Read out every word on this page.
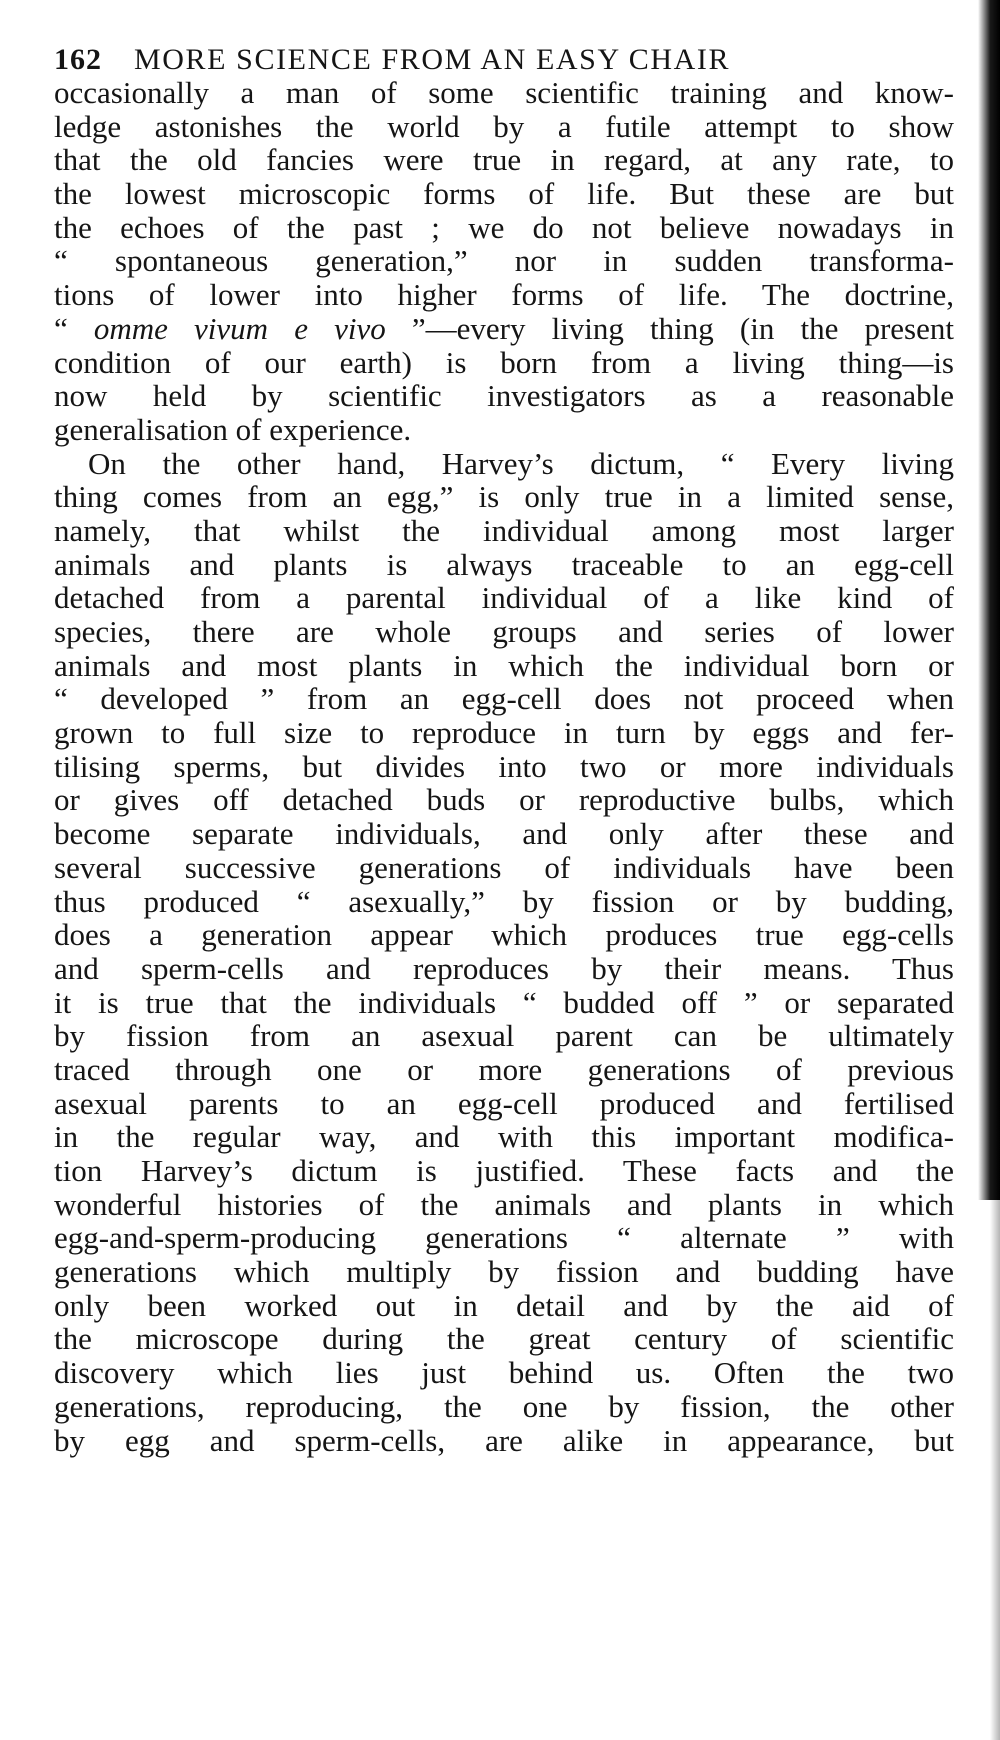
162 MORE SCIENCE FROM AN EASY CHAIR
occasionally a man of some scientific training and know-
ledge astonishes the world by a futile attempt to show
that the old fancies were true in regard, at any rate, to
the lowest microscopic forms of life. But these are but
the echoes of the past ; we do not believe nowadays in
“ spontaneous generation,” nor in sudden transforma-
tions of lower into higher forms of life. The doctrine,
“ omme vivum e vivo ”—every living thing (in the present
condition of our earth) is born from a living thing—is
now held by scientific investigators as a reasonable
generalisation of experience.
On the other hand, Harvey’s dictum, “ Every living
thing comes from an egg,” is only true in a limited sense,
namely, that whilst the individual among most larger
animals and plants is always traceable to an egg-cell
detached from a parental individual of a like kind of
species, there are whole groups and series of lower
animals and most plants in which the individual born or
“ developed ” from an egg-cell does not proceed when
grown to full size to reproduce in turn by eggs and fer-
tilising sperms, but divides into two or more individuals
or gives off detached buds or reproductive bulbs, which
become separate individuals, and only after these and
several successive generations of individuals have been
thus produced “ asexually,” by fission or by budding,
does a generation appear which produces true egg-cells
and sperm-cells and reproduces by their means. Thus
it is true that the individuals “ budded off ” or separated
by fission from an asexual parent can be ultimately
traced through one or more generations of previous
asexual parents to an egg-cell produced and fertilised
in the regular way, and with this important modifica-
tion Harvey’s dictum is justified. These facts and the
wonderful histories of the animals and plants in which
egg-and-sperm-producing generations “ alternate ” with
generations which multiply by fission and budding have
only been worked out in detail and by the aid of
the microscope during the great century of scientific
discovery which lies just behind us. Often the two
generations, reproducing, the one by fission, the other
by egg and sperm-cells, are alike in appearance, but
